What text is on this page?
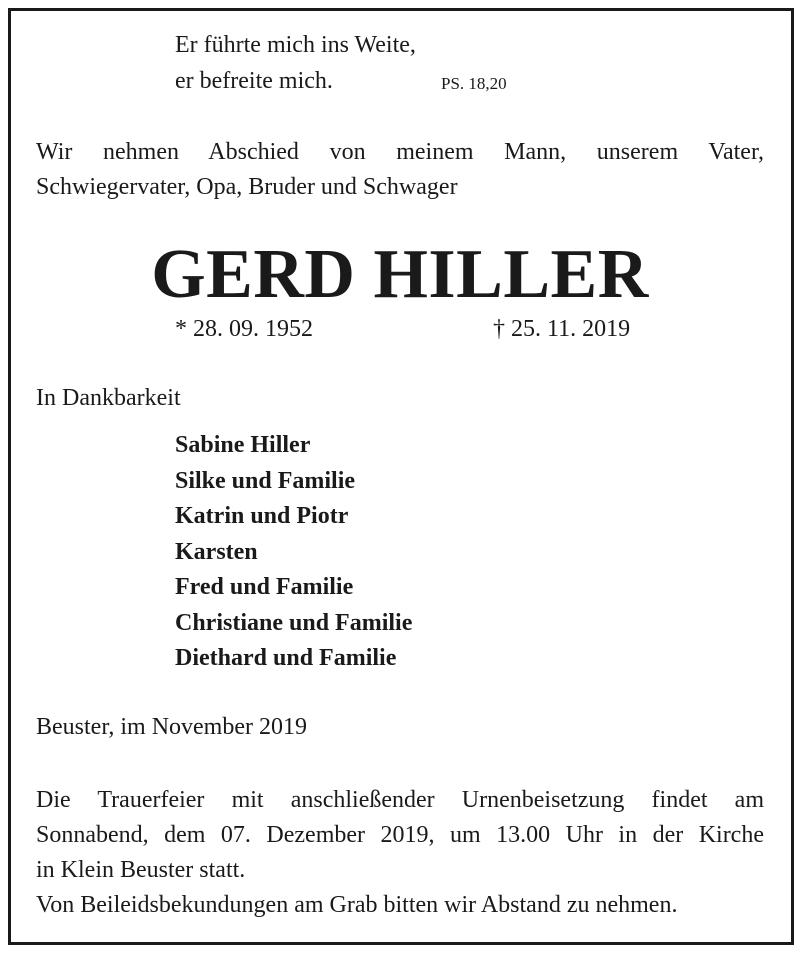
Er führte mich ins Weite,
er befreite mich.	PS. 18,20
Wir nehmen Abschied von meinem Mann, unserem Vater,
Schwiegervater, Opa, Bruder und Schwager
GERD HILLER
* 28. 09. 1952	† 25. 11. 2019
In Dankbarkeit
Sabine Hiller
Silke und Familie
Katrin und Piotr
Karsten
Fred und Familie
Christiane und Familie
Diethard und Familie
Beuster, im November 2019
Die Trauerfeier mit anschließender Urnenbeisetzung findet am
Sonnabend, dem 07. Dezember 2019, um 13.00 Uhr in der Kirche
in Klein Beuster statt.
Von Beileidsbekundungen am Grab bitten wir Abstand zu nehmen.
